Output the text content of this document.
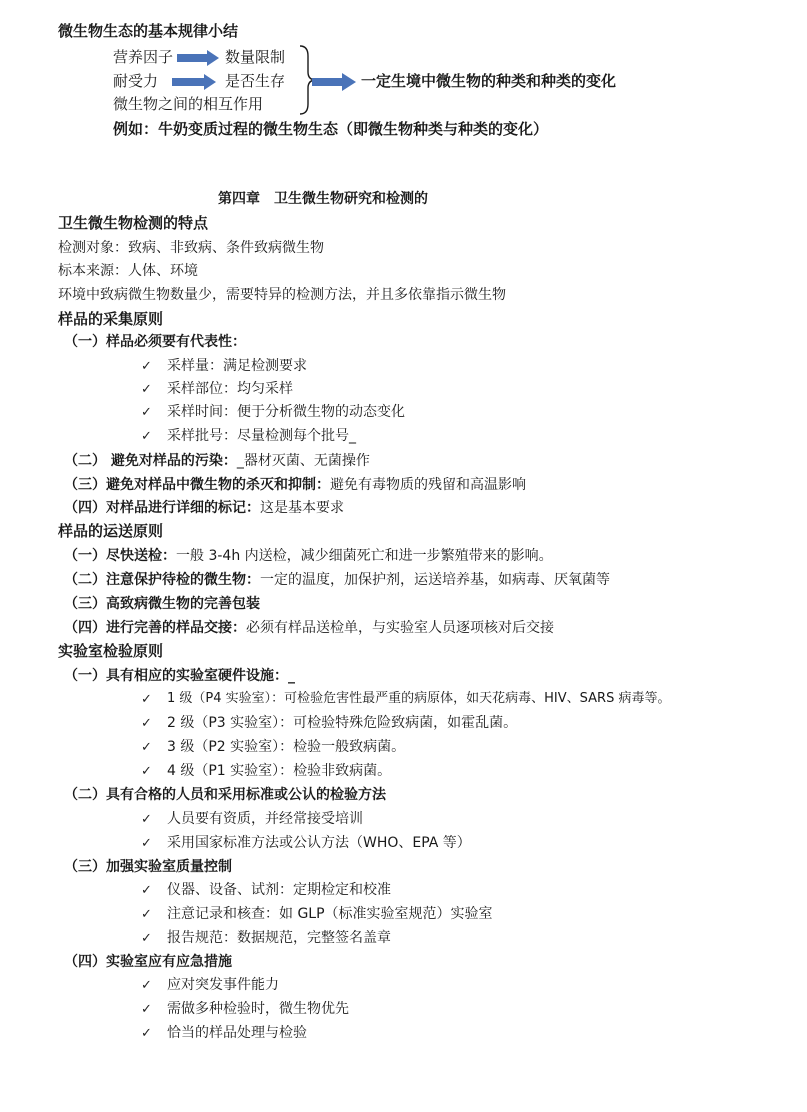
微生物生态的基本规律小结
营养因子	数量限制
耐受力	是否生存
微生物之间的相互作用
一定生境中微生物的种类和种类的变化
例如：牛奶变质过程的微生物生态（即微生物种类与种类的变化）
第四章　卫生微生物研究和检测的
卫生微生物检测的特点
检测对象：致病、非致病、条件致病微生物
标本来源：人体、环境
环境中致病微生物数量少，需要特异的检测方法，并且多依靠指示微生物
样品的采集原则
（一）样品必须要有代表性：
✓ 采样量：满足检测要求
✓ 采样部位：均匀采样
✓ 采样时间：便于分析微生物的动态变化
✓ 采样批号：尽量检测每个批号_
（二） 避免对样品的污染：_器材灭菌、无菌操作
（三）避免对样品中微生物的杀灭和抑制：避免有毒物质的残留和高温影响
（四）对样品进行详细的标记：这是基本要求
样品的运送原则
（一）尽快送检：一般 3-4h 内送检，减少细菌死亡和进一步繁殖带来的影响。
（二）注意保护待检的微生物：一定的温度，加保护剂，运送培养基，如病毒、厌氧菌等
（三）高致病微生物的完善包装
（四）进行完善的样品交接：必须有样品送检单，与实验室人员逐项核对后交接
实验室检验原则
（一）具有相应的实验室硬件设施：_
✓ 1 级（P4 实验室）：可检验危害性最严重的病原体，如天花病毒、HIV、SARS 病毒等。
✓ 2 级（P3 实验室）：可检验特殊危险致病菌，如霍乱菌。
✓ 3 级（P2 实验室）：检验一般致病菌。
✓ 4 级（P1 实验室）：检验非致病菌。
（二）具有合格的人员和采用标准或公认的检验方法
✓ 人员要有资质，并经常接受培训
✓ 采用国家标准方法或公认方法（WHO、EPA 等）
（三）加强实验室质量控制
✓ 仪器、设备、试剂：定期检定和校准
✓ 注意记录和核查：如 GLP（标准实验室规范）实验室
✓ 报告规范：数据规范，完整签名盖章
（四）实验室应有应急措施
✓ 应对突发事件能力
✓ 需做多种检验时，微生物优先
✓ 恰当的样品处理与检验
